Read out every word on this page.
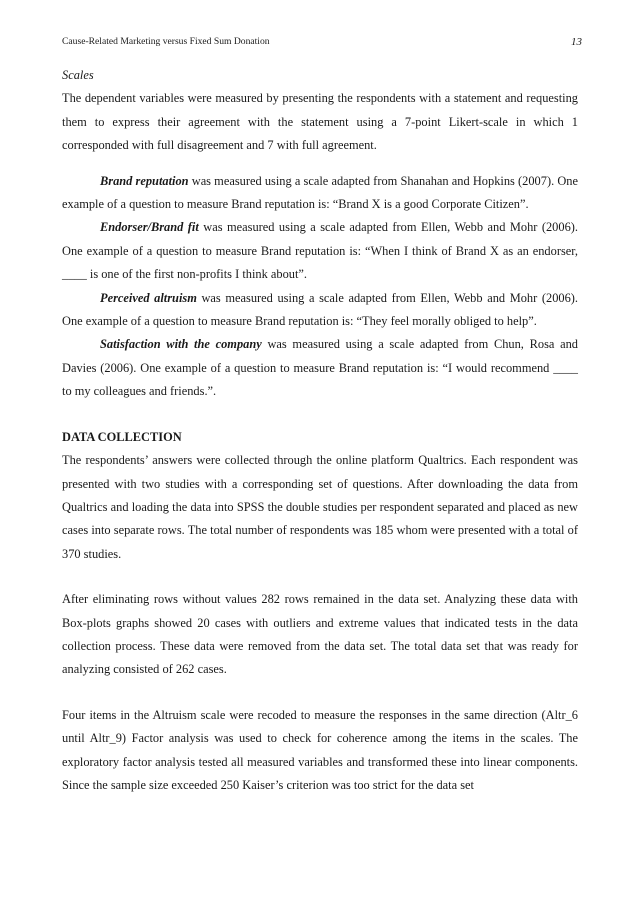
Cause-Related Marketing versus Fixed Sum Donation	13

Scales

The dependent variables were measured by presenting the respondents with a statement and requesting them to express their agreement with the statement using a 7-point Likert-scale in which 1 corresponded with full disagreement and 7 with full agreement.

Brand reputation was measured using a scale adapted from Shanahan and Hopkins (2007). One example of a question to measure Brand reputation is: “Brand X is a good Corporate Citizen”.

Endorser/Brand fit was measured using a scale adapted from Ellen, Webb and Mohr (2006). One example of a question to measure Brand reputation is: “When I think of Brand X as an endorser, ____ is one of the first non-profits I think about”.

Perceived altruism was measured using a scale adapted from Ellen, Webb and Mohr (2006). One example of a question to measure Brand reputation is: “They feel morally obliged to help”.

Satisfaction with the company was measured using a scale adapted from Chun, Rosa and Davies (2006). One example of a question to measure Brand reputation is: “I would recommend ____ to my colleagues and friends.”.

DATA COLLECTION

The respondents’ answers were collected through the online platform Qualtrics. Each respondent was presented with two studies with a corresponding set of questions. After downloading the data from Qualtrics and loading the data into SPSS the double studies per respondent separated and placed as new cases into separate rows. The total number of respondents was 185 whom were presented with a total of 370 studies.

After eliminating rows without values 282 rows remained in the data set. Analyzing these data with Box-plots graphs showed 20 cases with outliers and extreme values that indicated tests in the data collection process. These data were removed from the data set. The total data set that was ready for analyzing consisted of 262 cases.

Four items in the Altruism scale were recoded to measure the responses in the same direction (Altr_6 until Altr_9) Factor analysis was used to check for coherence among the items in the scales. The exploratory factor analysis tested all measured variables and transformed these into linear components. Since the sample size exceeded 250 Kaiser’s criterion was too strict for the data set
